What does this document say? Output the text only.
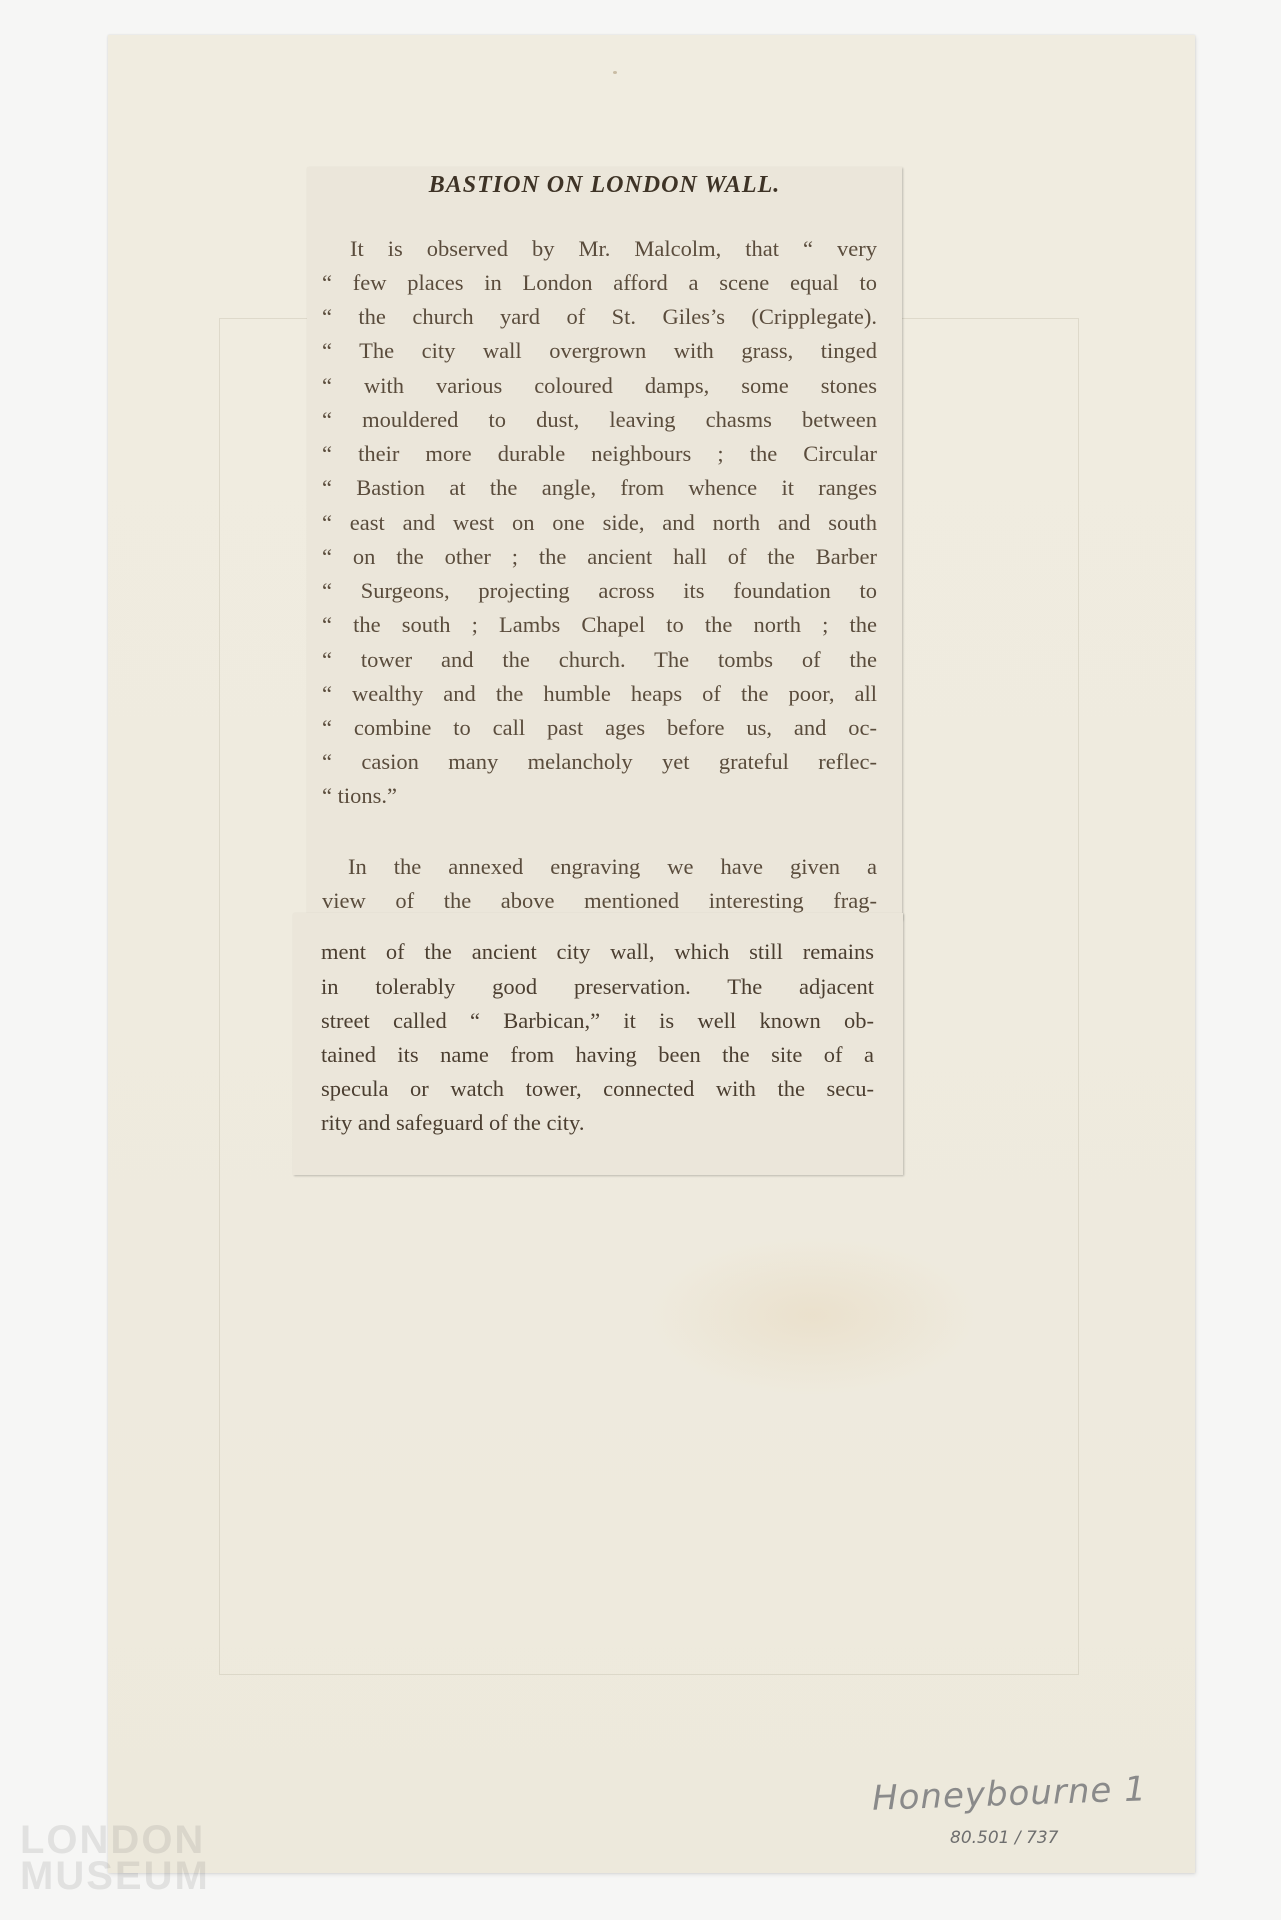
BASTION ON LONDON WALL.
It is observed by Mr. Malcolm, that “ very
“ few places in London afford a scene equal to
“ the church yard of St. Giles’s (Cripplegate).
“ The city wall overgrown with grass, tinged
“ with various coloured damps, some stones
“ mouldered to dust, leaving chasms between
“ their more durable neighbours ; the Circular
“ Bastion at the angle, from whence it ranges
“ east and west on one side, and north and south
“ on the other ; the ancient hall of the Barber
“ Surgeons, projecting across its foundation to
“ the south ; Lambs Chapel to the north ; the
“ tower and the church. The tombs of the
“ wealthy and the humble heaps of the poor, all
“ combine to call past ages before us, and oc-
“ casion many melancholy yet grateful reflec-
“ tions.”
In the annexed engraving we have given a
view of the above mentioned interesting frag-
ment of the ancient city wall, which still remains
in tolerably good preservation. The adjacent
street called “ Barbican,” it is well known ob-
tained its name from having been the site of a
specula or watch tower, connected with the secu-
rity and safeguard of the city.
Honeybourne 1
80.501 / 737
LONDON
MUSEUM
